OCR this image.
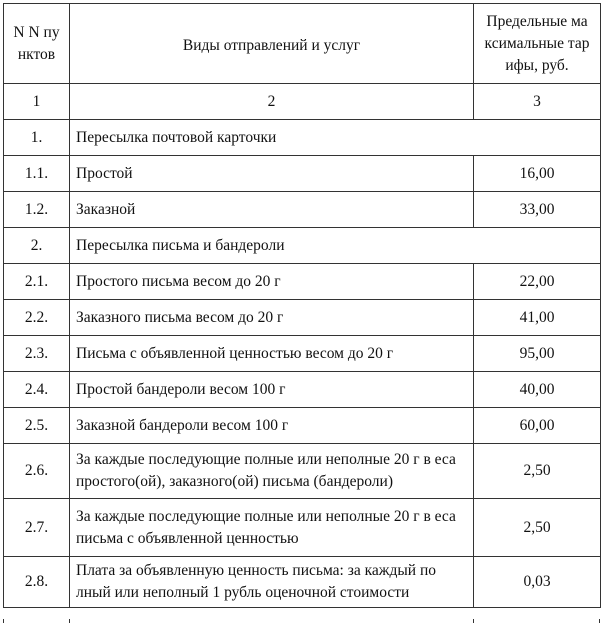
N N пу нктов	Виды отправлений и услуг	Предельные ма ксимальные тар ифы, руб.
1	2	3
1.	Пересылка почтовой карточки	
1.1.	Простой	16,00
1.2.	Заказной	33,00
2.	Пересылка письма и бандероли	
2.1.	Простого письма весом до 20 г	22,00
2.2.	Заказного письма весом до 20 г	41,00
2.3.	Письма с объявленной ценностью весом до 20 г	95,00
2.4.	Простой бандероли весом 100 г	40,00
2.5.	Заказной бандероли весом 100 г	60,00
2.6.	За каждые последующие полные или неполные 20 г в еса простого(ой), заказного(ой) письма (бандероли)	2,50
2.7.	За каждые последующие полные или неполные 20 г в еса письма с объявленной ценностью	2,50
2.8.	Плата за объявленную ценность письма: за каждый по лный или неполный 1 рубль оценочной стоимости	0,03
